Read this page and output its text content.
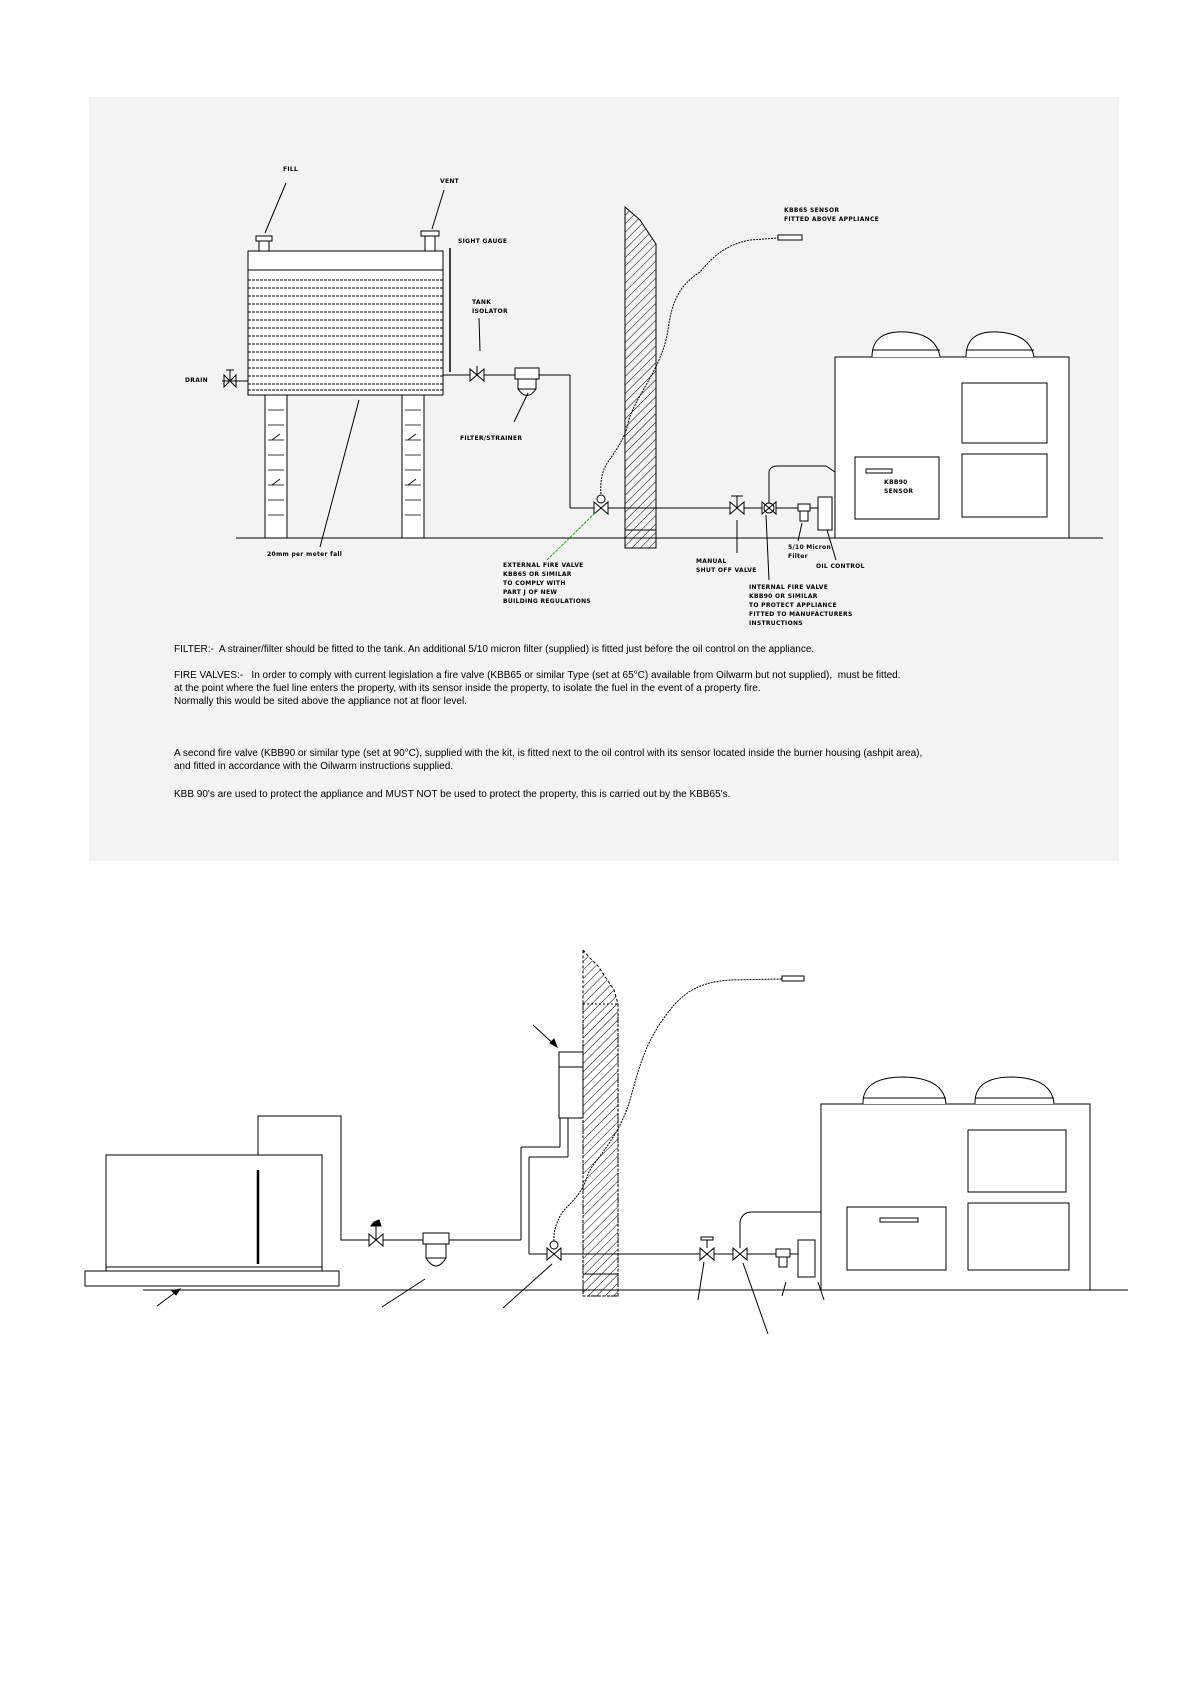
FILL
VENT
SIGHT GAUGE
TANK
ISOLATOR
DRAIN
FILTER/STRAINER
20mm per meter fall
KBB65 SENSOR
FITTED ABOVE APPLIANCE
KBB90
SENSOR
5/10 Micron
Filter
OIL CONTROL
MANUAL
SHUT OFF VALVE
EXTERNAL FIRE VALVE
KBB65 OR SIMILAR
TO COMPLY WITH
PART J OF NEW
BUILDING REGULATIONS
INTERNAL FIRE VALVE
KBB90 OR SIMILAR
TO PROTECT APPLIANCE
FITTED TO MANUFACTURERS
INSTRUCTIONS
FILTER:-  A strainer/filter should be fitted to the tank. An additional 5/10 micron filter (supplied) is fitted just before the oil control on the appliance.
FIRE VALVES:-   In order to comply with current legislation a fire valve (KBB65 or similar Type (set at 65°C) available from Oilwarm but not supplied),  must be fitted.
at the point where the fuel line enters the property, with its sensor inside the property, to isolate the fuel in the event of a property fire.
Normally this would be sited above the appliance not at floor level.
A second fire valve (KBB90 or similar type (set at 90°C), supplied with the kit, is fitted next to the oil control with its sensor located inside the burner housing (ashpit area),
and fitted in accordance with the Oilwarm instructions supplied.
KBB 90's are used to protect the appliance and MUST NOT be used to protect the property, this is carried out by the KBB65's.
